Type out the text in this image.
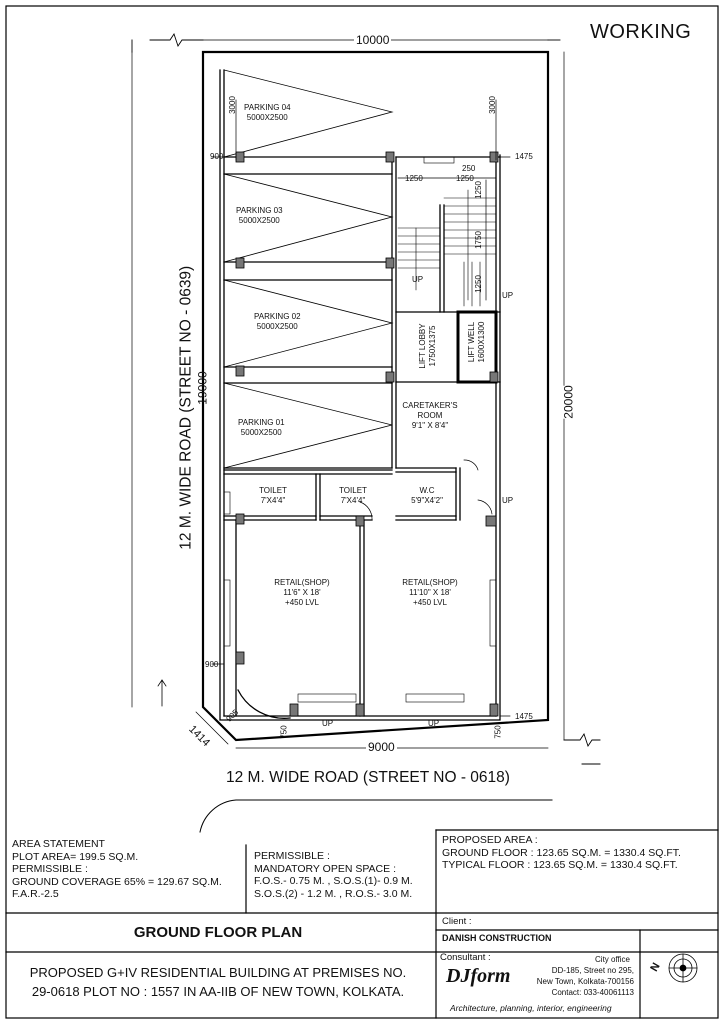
WORKING
10000
9000
19000	20000
1414
3000	3000
900	1475
1250	1250
250
1250
1750
1250
900
905
750
1475
750
12 M. WIDE ROAD (STREET NO - 0639)
12 M. WIDE ROAD (STREET NO - 0618)
PARKING 04
5000X2500
PARKING 03
5000X2500
PARKING 02
5000X2500
PARKING 01
5000X2500
LIFT LOBBY 1750X1375	LIFT WELL 1600X1300
CARETAKER'S
ROOM
9'1" X 8'4"
TOILET
7'X4'4"
TOILET
7'X4'4"
W.C
5'9"X4'2"
RETAIL(SHOP)
11'6" X 18'
+450 LVL
RETAIL(SHOP)
11'10" X 18'
+450 LVL
UP
UP
UP
UP	UP
AREA STATEMENT
PLOT AREA= 199.5 SQ.M.
PERMISSIBLE :
GROUND COVERAGE 65% = 129.67 SQ.M.
F.A.R.-2.5
PERMISSIBLE :
MANDATORY OPEN SPACE :
F.O.S.- 0.75 M. , S.O.S.(1)- 0.9 M.
S.O.S.(2) - 1.2 M. , R.O.S.- 3.0 M.
PROPOSED AREA :
GROUND FLOOR : 123.65 SQ.M. = 1330.4 SQ.FT.
TYPICAL FLOOR : 123.65 SQ.M. = 1330.4 SQ.FT.
GROUND FLOOR PLAN
PROPOSED G+IV RESIDENTIAL BUILDING AT PREMISES NO.
29-0618 PLOT NO : 1557 IN AA-IIB OF NEW TOWN, KOLKATA.
Client :
DANISH CONSTRUCTION
Consultant :
DJform
City office
DD-185, Street no 295,
New Town, Kolkata-700156
Contact: 033-40061113
Architecture, planning, interior, engineering
N
